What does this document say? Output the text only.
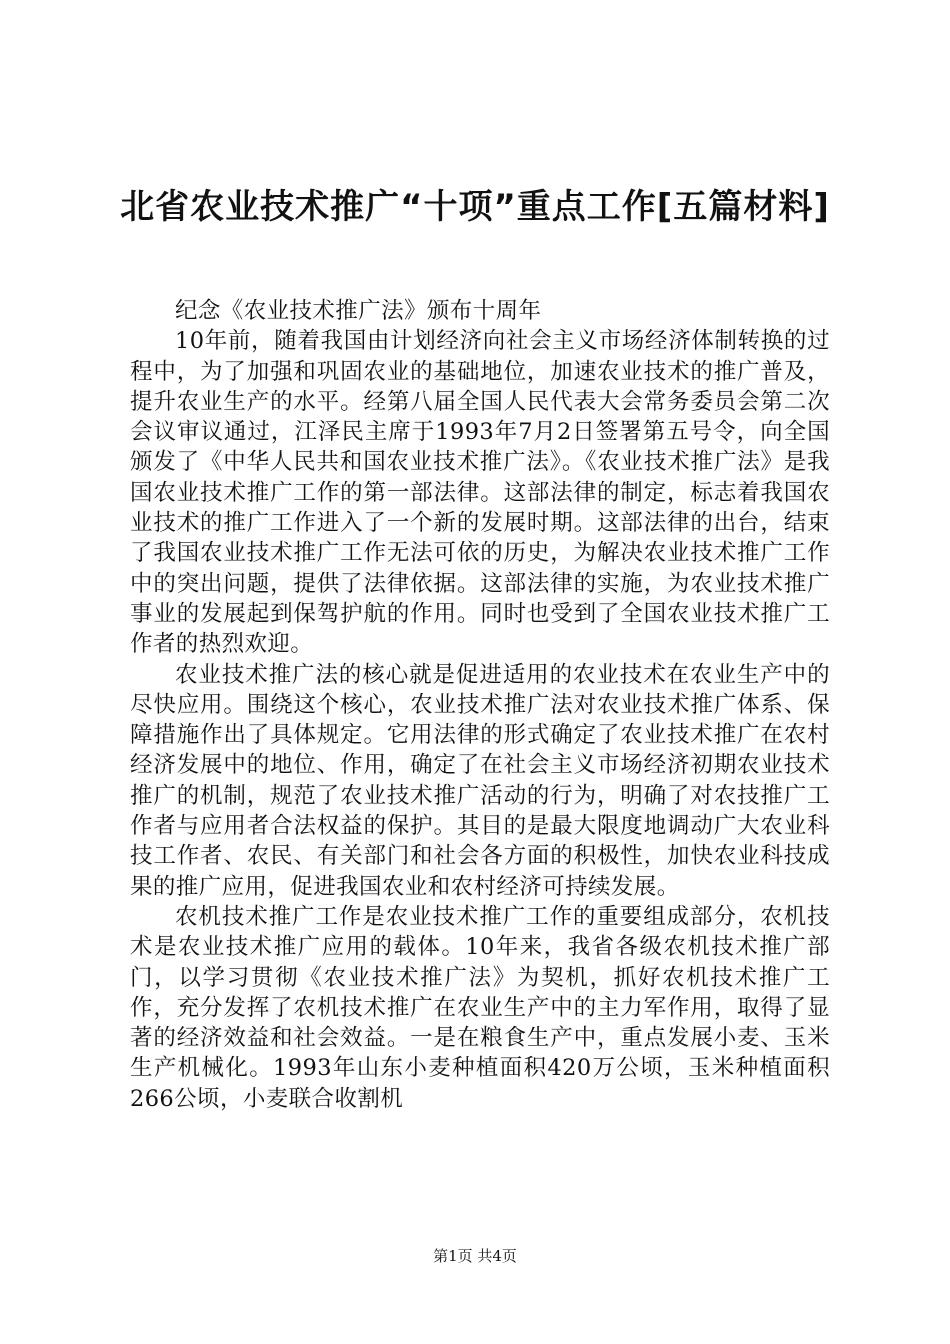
北省农业技术推广“十项”重点工作[五篇材料]

纪念《农业技术推广法》颁布十周年

10年前，随着我国由计划经济向社会主义市场经济体制转换的过程中，为了加强和巩固农业的基础地位，加速农业技术的推广普及，提升农业生产的水平。经第八届全国人民代表大会常务委员会第二次会议审议通过，江泽民主席于1993年7月2日签署第五号令，向全国颁发了《中华人民共和国农业技术推广法》。《农业技术推广法》是我国农业技术推广工作的第一部法律。这部法律的制定，标志着我国农业技术的推广工作进入了一个新的发展时期。这部法律的出台，结束了我国农业技术推广工作无法可依的历史，为解决农业技术推广工作中的突出问题，提供了法律依据。这部法律的实施，为农业技术推广事业的发展起到保驾护航的作用。同时也受到了全国农业技术推广工作者的热烈欢迎。

农业技术推广法的核心就是促进适用的农业技术在农业生产中的尽快应用。围绕这个核心，农业技术推广法对农业技术推广体系、保障措施作出了具体规定。它用法律的形式确定了农业技术推广在农村经济发展中的地位、作用，确定了在社会主义市场经济初期农业技术推广的机制，规范了农业技术推广活动的行为，明确了对农技推广工作者与应用者合法权益的保护。其目的是最大限度地调动广大农业科技工作者、农民、有关部门和社会各方面的积极性，加快农业科技成果的推广应用，促进我国农业和农村经济可持续发展。

农机技术推广工作是农业技术推广工作的重要组成部分，农机技术是农业技术推广应用的载体。10年来，我省各级农机技术推广部门，以学习贯彻《农业技术推广法》为契机，抓好农机技术推广工作，充分发挥了农机技术推广在农业生产中的主力军作用，取得了显著的经济效益和社会效益。一是在粮食生产中，重点发展小麦、玉米生产机械化。1993年山东小麦种植面积420万公顷，玉米种植面积266公顷，小麦联合收割机

第1页 共4页
